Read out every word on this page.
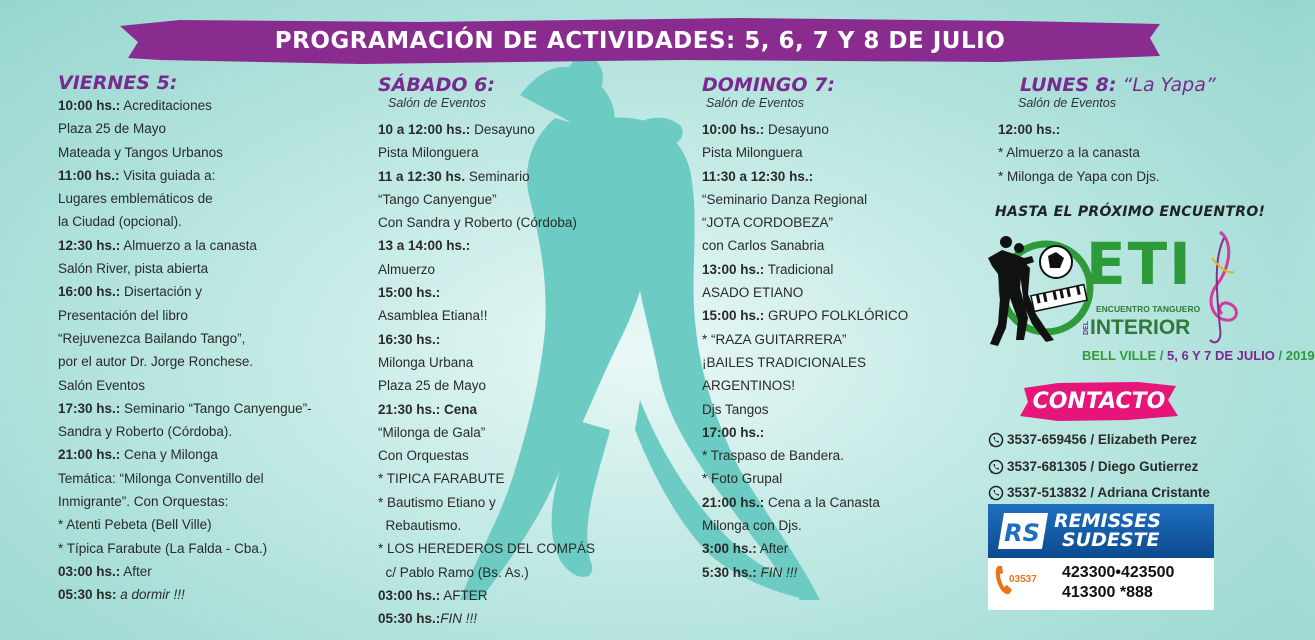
PROGRAMACIÓN DE ACTIVIDADES: 5, 6, 7 Y 8 DE JULIO
VIERNES 5:
10:00 hs.: Acreditaciones
Plaza 25 de Mayo
Mateada y Tangos Urbanos
11:00 hs.: Visita guiada a:
Lugares emblemáticos de
la Ciudad (opcional).
12:30 hs.: Almuerzo a la canasta
Salón River, pista abierta
16:00 hs.: Disertación y
Presentación del libro
“Rejuvenezca Bailando Tango”,
por el autor Dr. Jorge Ronchese.
Salón Eventos
17:30 hs.: Seminario “Tango Canyengue”-
Sandra y Roberto (Córdoba).
21:00 hs.: Cena y Milonga
Temática: “Milonga Conventillo del
Inmigrante”. Con Orquestas:
* Atenti Pebeta (Bell Ville)
* Típica Farabute (La Falda - Cba.)
03:00 hs.: After
05:30 hs: a dormir !!!
SÁBADO 6:
Salón de Eventos
10 a 12:00 hs.: Desayuno
Pista Milonguera
11 a 12:30 hs. Seminario
“Tango Canyengue”
Con Sandra y Roberto (Córdoba)
13 a 14:00 hs.:
Almuerzo
15:00 hs.:
Asamblea Etiana!!
16:30 hs.:
Milonga Urbana
Plaza 25 de Mayo
21:30 hs.: Cena
“Milonga de Gala”
Con Orquestas
* TIPICA FARABUTE
* Bautismo Etiano y
Rebautismo.
* LOS HEREDEROS DEL COMPÁS
c/ Pablo Ramo (Bs. As.)
03:00 hs.: AFTER
05:30 hs.:FIN !!!
DOMINGO 7:
Salón de Eventos
10:00 hs.: Desayuno
Pista Milonguera
11:30 a 12:30 hs.:
“Seminario Danza Regional
“JOTA CORDOBEZA”
con Carlos Sanabria
13:00 hs.: Tradicional
ASADO ETIANO
15:00 hs.: GRUPO FOLKLÓRICO
* “RAZA GUITARRERA”
¡BAILES TRADICIONALES
ARGENTINOS!
Djs Tangos
17:00 hs.:
* Traspaso de Bandera.
* Foto Grupal
21:00 hs.: Cena a la Canasta
Milonga con Djs.
3:00 hs.: After
5:30 hs.: FIN !!!
LUNES 8: “La Yapa”
Salón de Eventos
12:00 hs.:
* Almuerzo a la canasta
* Milonga de Yapa con Djs.
HASTA EL PRÓXIMO ENCUENTRO!
ETI
ENCUENTRO TANGUERO
DEL INTERIOR
BELL VILLE / 5, 6 Y 7 DE JULIO / 2019
CONTACTO
3537-659456 / Elizabeth Perez
3537-681305 / Diego Gutierrez
3537-513832 / Adriana Cristante
RS REMISSES
SUDESTE
03537 423300•423500
413300 *888
